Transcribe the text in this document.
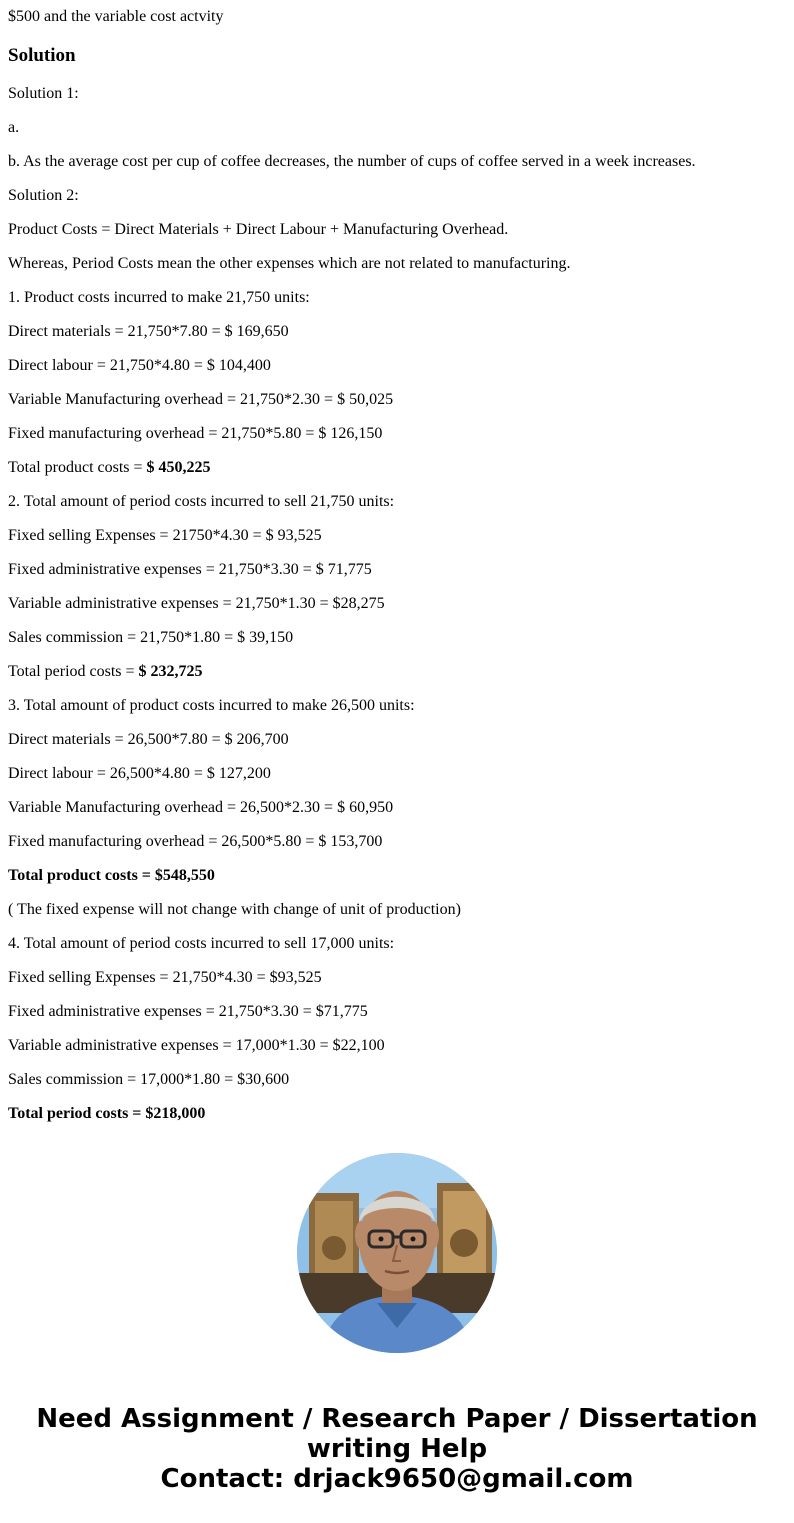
$500 and the variable cost actvity

Solution

Solution 1:

a.

b. As the average cost per cup of coffee decreases, the number of cups of coffee served in a week increases.

Solution 2:

Product Costs = Direct Materials + Direct Labour + Manufacturing Overhead.

Whereas, Period Costs mean the other expenses which are not related to manufacturing.

1. Product costs incurred to make 21,750 units:

Direct materials = 21,750*7.80 = $ 169,650

Direct labour = 21,750*4.80 = $ 104,400

Variable Manufacturing overhead = 21,750*2.30 = $ 50,025

Fixed manufacturing overhead = 21,750*5.80 = $ 126,150

Total product costs = $ 450,225

2. Total amount of period costs incurred to sell 21,750 units:

Fixed selling Expenses = 21750*4.30 = $ 93,525

Fixed administrative expenses = 21,750*3.30 = $ 71,775

Variable administrative expenses = 21,750*1.30 = $28,275

Sales commission = 21,750*1.80 = $ 39,150

Total period costs = $ 232,725

3. Total amount of product costs incurred to make 26,500 units:

Direct materials = 26,500*7.80 = $ 206,700

Direct labour = 26,500*4.80 = $ 127,200

Variable Manufacturing overhead = 26,500*2.30 = $ 60,950

Fixed manufacturing overhead = 26,500*5.80 = $ 153,700

Total product costs = $548,550

( The fixed expense will not change with change of unit of production)

4. Total amount of period costs incurred to sell 17,000 units:

Fixed selling Expenses = 21,750*4.30 = $93,525

Fixed administrative expenses = 21,750*3.30 = $71,775

Variable administrative expenses = 17,000*1.30 = $22,100

Sales commission = 17,000*1.80 = $30,600

Total period costs = $218,000

Need Assignment / Research Paper / Dissertation
writing Help
Contact: drjack9650@gmail.com
